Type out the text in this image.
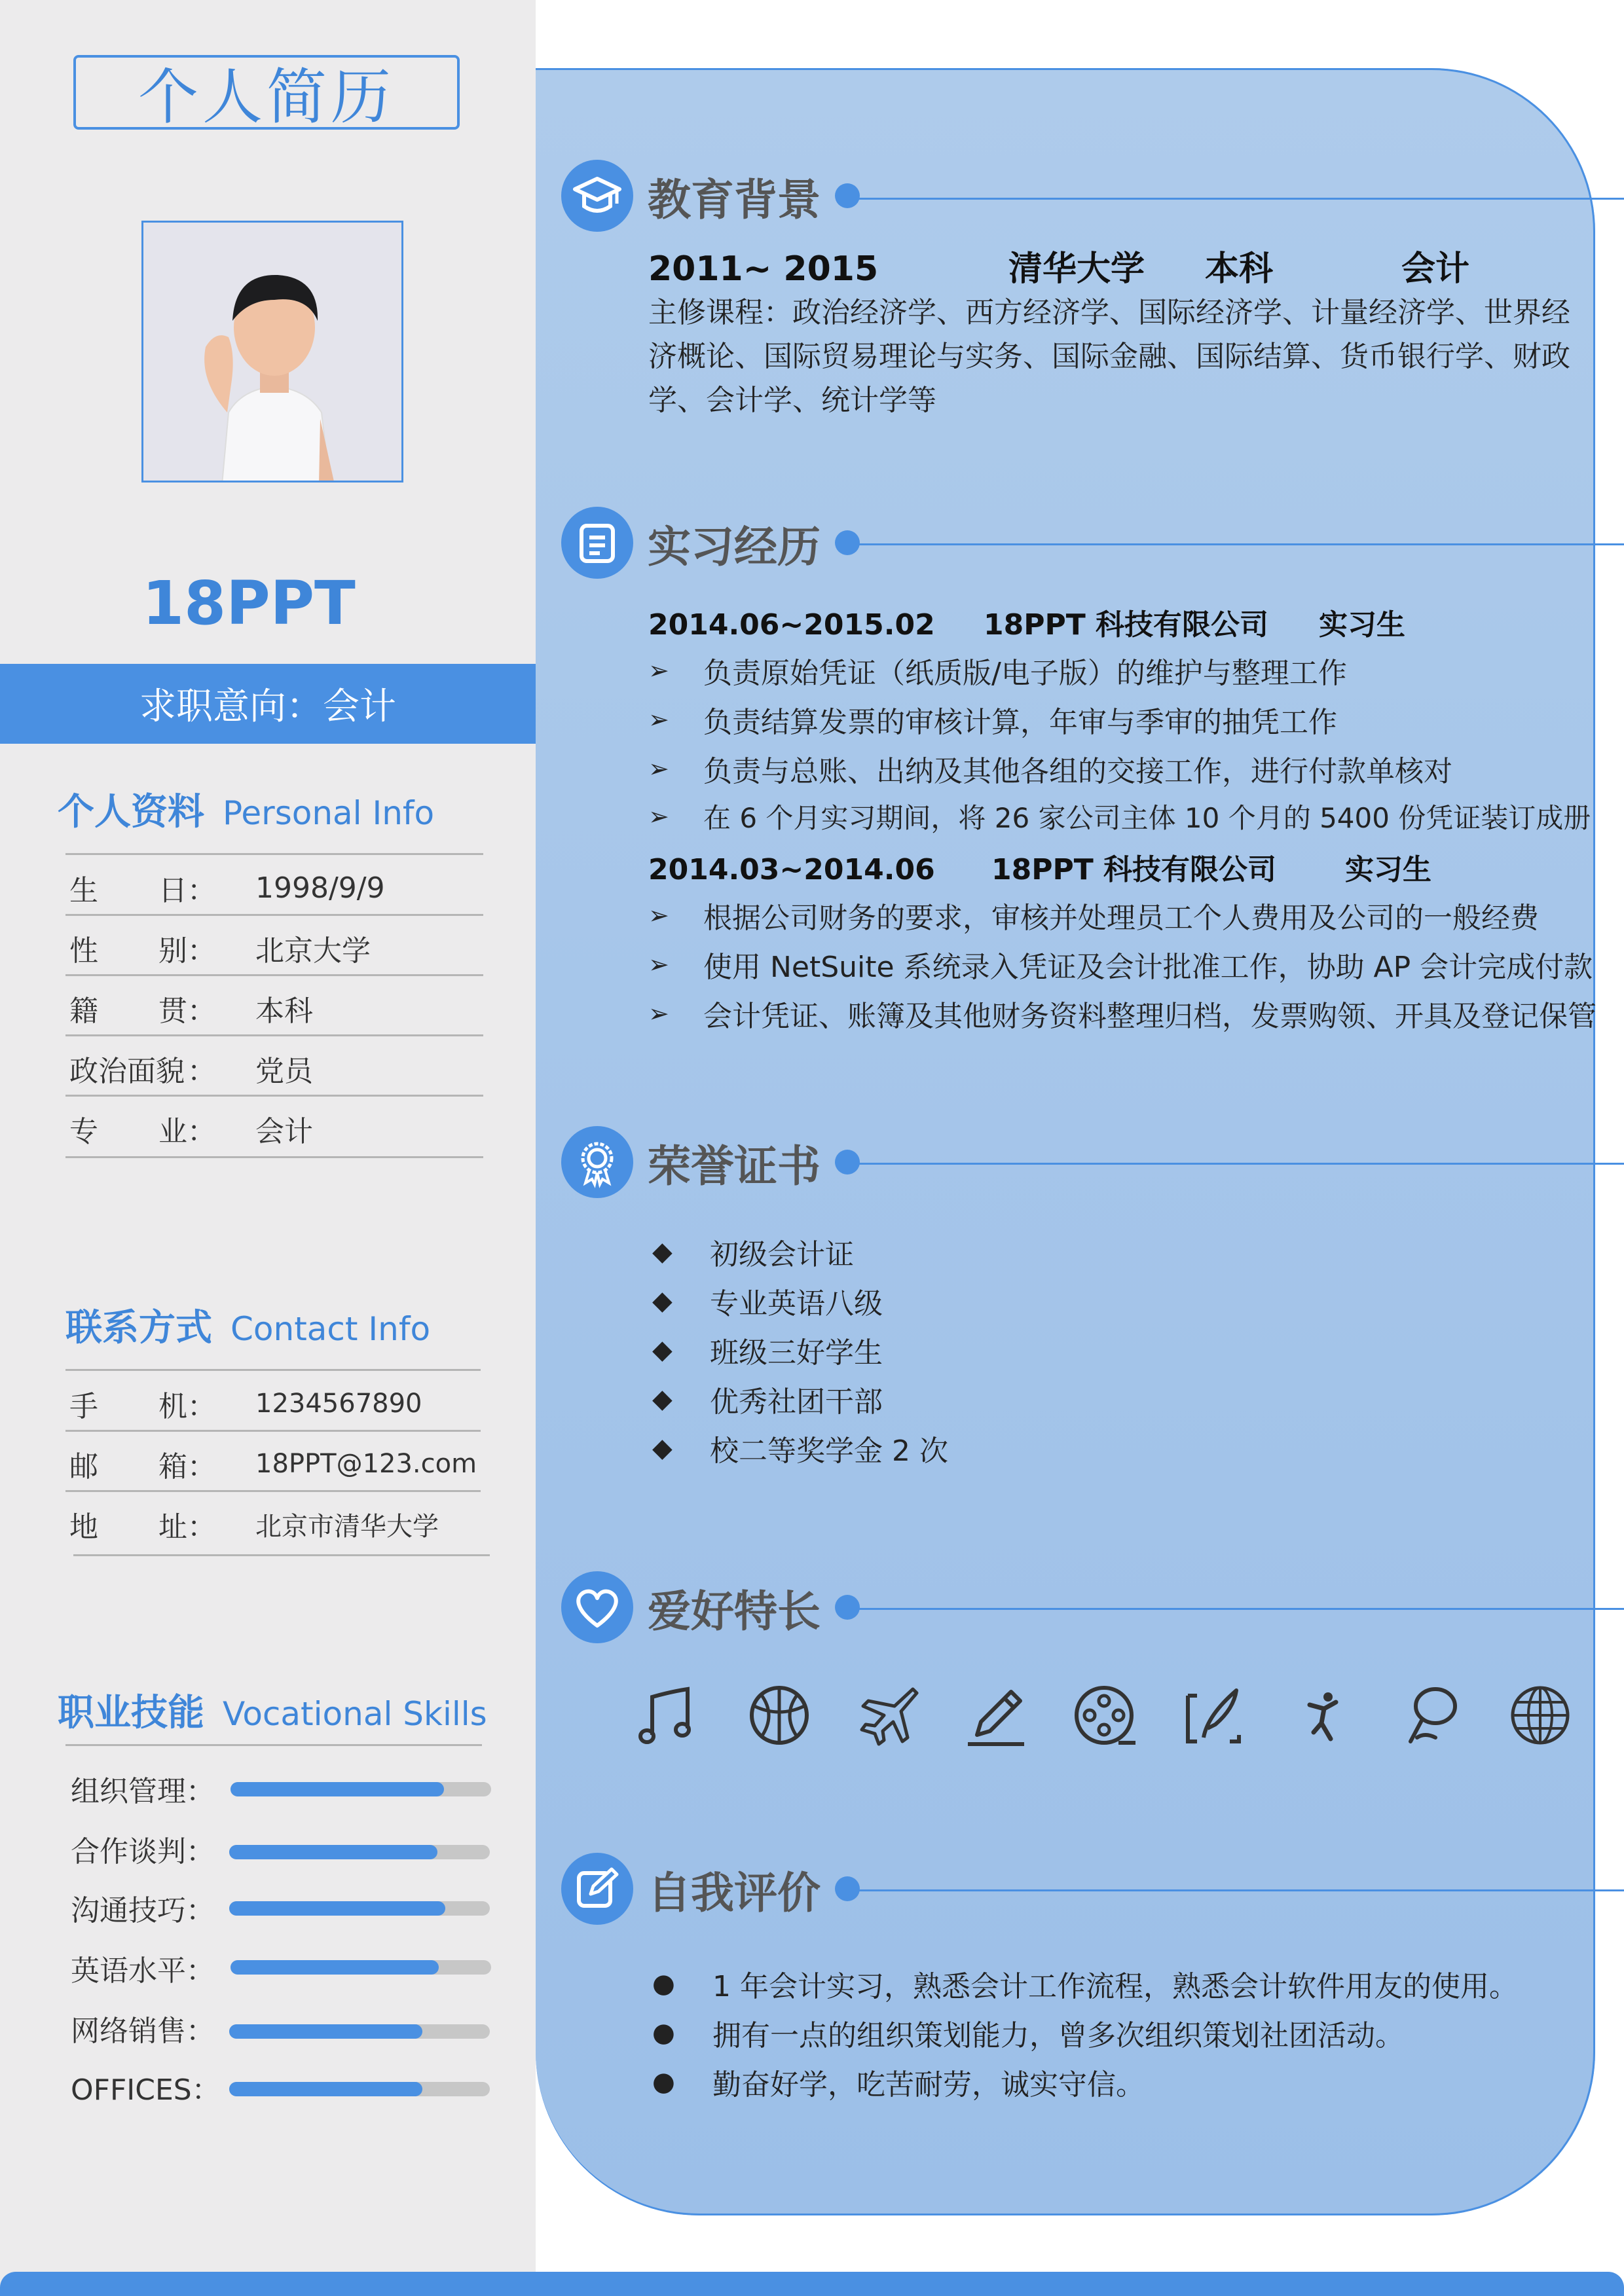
个人简历
18PPT
求职意向：会计
个人资料 Personal Info
生 日 ：	1998/9/9
性 别 ：	北京大学
籍 贯 ：	本科
政治面貌 ：	党员
专 业 ：	会计
联系方式 Contact Info
手 机 ：	1234567890
邮 箱 ：	18PPT@123.com
地 址 ：	北京市清华大学
职业技能 Vocational Skills
组织管理：
合作谈判：
沟通技巧：
英语水平：
网络销售：
OFFICES：
教育背景
2011~ 2015	清华大学 本科	会计
主修课程：政治经济学、西方经济学、国际经济学、计量经济学、世界经济概论、国际贸易理论与实务、国际金融、国际结算、货币银行学、财政学、会计学、统计学等
实习经历
2014.06~2015.02 18PPT 科技有限公司 实习生
➢	负责原始凭证（纸质版/电子版）的维护与整理工作
➢	负责结算发票的审核计算，年审与季审的抽凭工作
➢	负责与总账、出纳及其他各组的交接工作，进行付款单核对
➢	在 6 个月实习期间，将 26 家公司主体 10 个月的 5400 份凭证装订成册
2014.03~2014.06 18PPT 科技有限公司 实习生
➢	根据公司财务的要求，审核并处理员工个人费用及公司的一般经费
➢	使用 NetSuite 系统录入凭证及会计批准工作，协助 AP 会计完成付款
➢	会计凭证、账簿及其他财务资料整理归档，发票购领、开具及登记保管
荣誉证书
◆	初级会计证
◆	专业英语八级
◆	班级三好学生
◆	优秀社团干部
◆	校二等奖学金 2 次
爱好特长
自我评价
●	1 年会计实习，熟悉会计工作流程，熟悉会计软件用友的使用。
●	拥有一点的组织策划能力，曾多次组织策划社团活动。
●	勤奋好学，吃苦耐劳，诚实守信。
